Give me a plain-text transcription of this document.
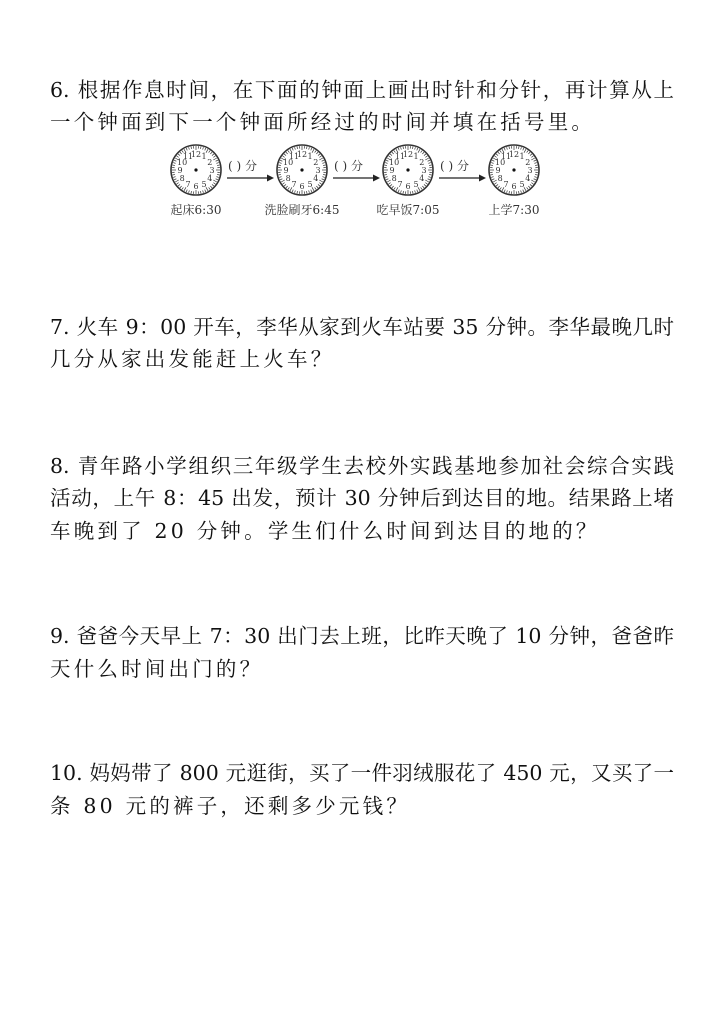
6. 根据作息时间，在下面的钟面上画出时针和分针，再计算从上
一个钟面到下一个钟面所经过的时间并填在括号里。
1
2
3
4
5
6
7
8
9
10
11
12	1
2
3
4
5
6
7
8
9
10
11
12	1
2
3
4
5
6
7
8
9
10
11
12	1
2
3
4
5
6
7
8
9
10
11
12
起床6:30	洗脸刷牙6:45	吃早饭7:05	上学7:30
( ) 分	( ) 分	( ) 分
7. 火车 9：00 开车，李华从家到火车站要 35 分钟。李华最晚几时
几分从家出发能赶上火车？
8. 青年路小学组织三年级学生去校外实践基地参加社会综合实践
活动，上午 8：45 出发，预计 30 分钟后到达目的地。结果路上堵
车晚到了 20 分钟。学生们什么时间到达目的地的？
9. 爸爸今天早上 7：30 出门去上班，比昨天晚了 10 分钟，爸爸昨
天什么时间出门的？
10. 妈妈带了 800 元逛街，买了一件羽绒服花了 450 元，又买了一
条 80 元的裤子，还剩多少元钱？
